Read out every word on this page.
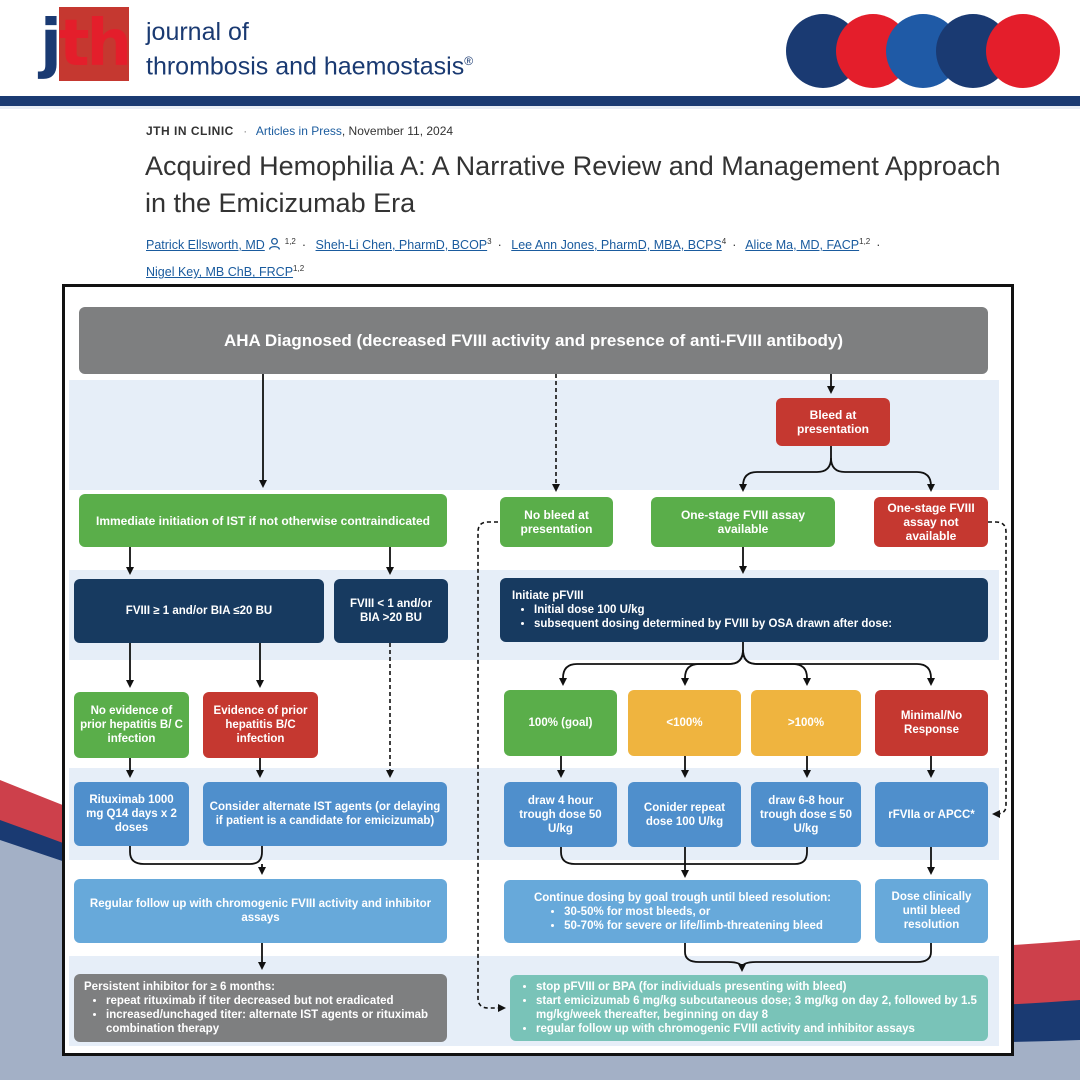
jth journal of
thrombosis and haemostasis®
JTH IN CLINIC · Articles in Press, November 11, 2024
Acquired Hemophilia A: A Narrative Review and Management Approach in the Emicizumab Era
Patrick Ellsworth, MD $^{1,2}$ · Sheh-Li Chen, PharmD, $BCOP^3$ · Lee Ann Jones, PharmD, MBA, $BCPS^4$ · Alice Ma, MD, FACP$^{1,2}$ ·
Nigel Key, MB ChB, FRCP$^{1,2}$
AHA Diagnosed (decreased FVIII activity and presence of anti-FVIII antibody)
Bleed at presentation
Immediate initiation of IST if not otherwise contraindicated	No bleed at presentation
One-stage FVIII assay available
One-stage FVIII assay not available
FVIII ≥ 1 and/or BIA ≤20 BU
FVIII < 1 and/or BIA >20 BU
Initiate pFVIII
• Initial dose 100 U/kg
• subsequent dosing determined by FVIII by OSA drawn after dose:
No evidence of prior hepatitis B/ C infection
Evidence of prior hepatitis B/C infection
100% (goal)	<100%	>100%
Minimal/No Response
Rituximab 1000 mg Q14 days x 2 doses
Consider alternate IST agents (or delaying if patient is a candidate for emicizumab)
draw 4 hour trough dose 50 U/kg
Conider repeat dose 100 U/kg
draw 6-8 hour trough dose ≤ 50 U/kg
rFVIIa or APCC*
Regular follow up with chromogenic FVIII activity and inhibitor assays
Continue dosing by goal trough until bleed resolution:
• 30-50% for most bleeds, or
• 50-70% for severe or life/limb-threatening bleed
Dose clinically until bleed resolution
Persistent inhibitor for ≥ 6 months:
• repeat rituximab if titer decreased but not eradicated
• increased/unchaged titer: alternate IST agents or rituximab combination therapy
• stop pFVIII or BPA (for individuals presenting with bleed)
• start emicizumab 6 mg/kg subcutaneous dose; 3 mg/kg on day 2, followed by 1.5 mg/kg/week thereafter, beginning on day 8
• regular follow up with chromogenic FVIII activity and inhibitor assays
